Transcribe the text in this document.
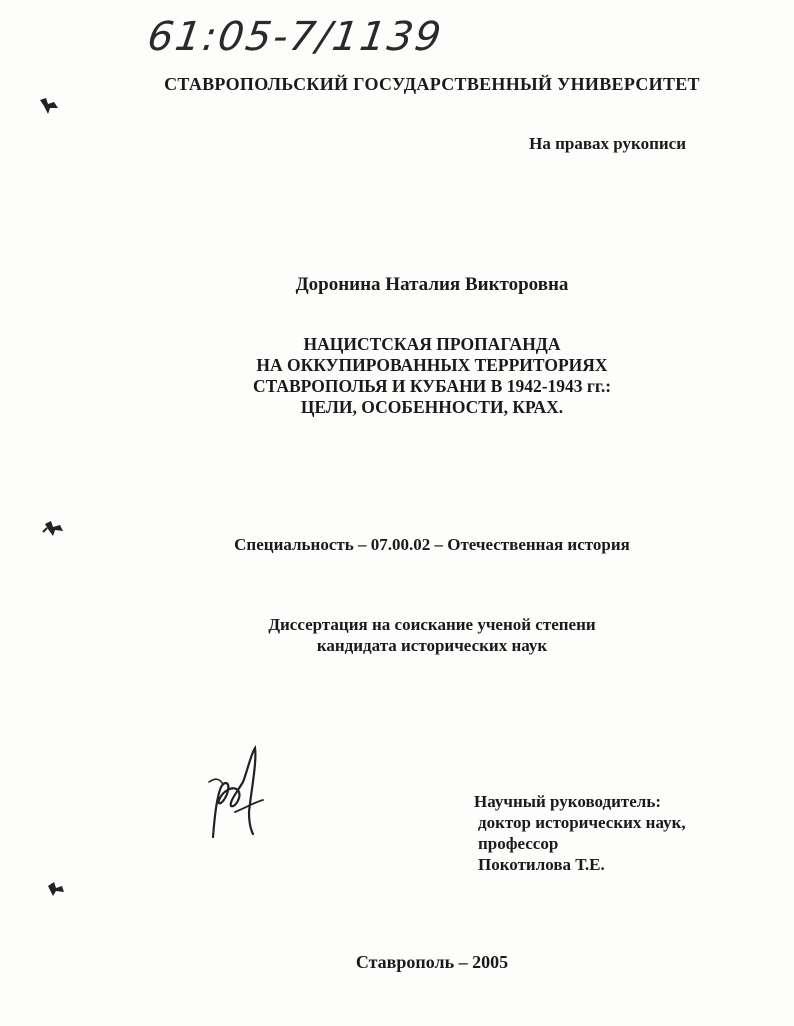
61:05-7/1139
СТАВРОПОЛЬСКИЙ ГОСУДАРСТВЕННЫЙ УНИВЕРСИТЕТ
На правах рукописи
Доронина Наталия Викторовна
НАЦИСТСКАЯ ПРОПАГАНДА
НА ОККУПИРОВАННЫХ ТЕРРИТОРИЯХ
СТАВРОПОЛЬЯ И КУБАНИ В 1942-1943 гг.:
ЦЕЛИ, ОСОБЕННОСТИ, КРАХ.
Специальность – 07.00.02 – Отечественная история
Диссертация на соискание ученой степени
кандидата исторических наук
Научный руководитель:
доктор исторических наук,
профессор
Покотилова Т.Е.
Ставрополь – 2005
